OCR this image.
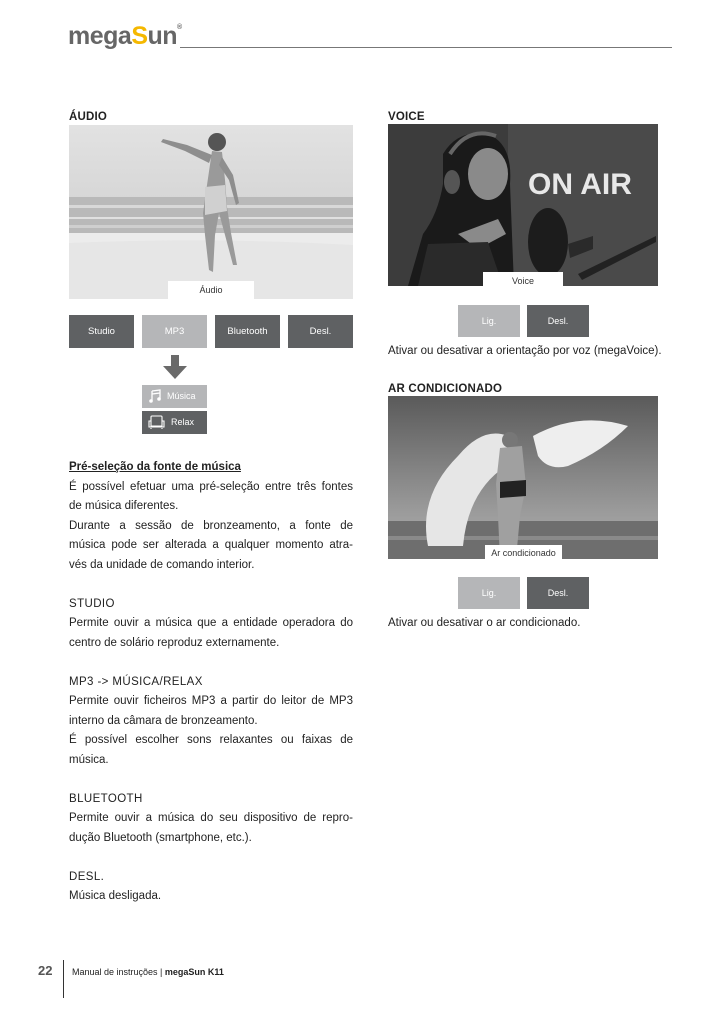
megaSun®
ÁUDIO
Áudio
Studio	MP3	Bluetooth	Desl.
Música
Relax
Pré-seleção da fonte de música
É possível efetuar uma pré-seleção entre três fontes
de música diferentes.
Durante a sessão de bronzeamento, a fonte de
música pode ser alterada a qualquer momento atra-
vés da unidade de comando interior.
STUDIO
Permite ouvir a música que a entidade operadora do
centro de solário reproduz externamente.
MP3 -> MÚSICA/RELAX
Permite ouvir ficheiros MP3 a partir do leitor de MP3
interno da câmara de bronzeamento.
É possível escolher sons relaxantes ou faixas de
música.
BLUETOOTH
Permite ouvir a música do seu dispositivo de repro-
dução Bluetooth (smartphone, etc.).
DESL.
Música desligada.
VOICE
ON AIR
Voice
Lig.	Desl.
Ativar ou desativar a orientação por voz (megaVoice).
AR CONDICIONADO
Ar condicionado
Lig.	Desl.
Ativar ou desativar o ar condicionado.
22 Manual de instruções | megaSun K11
